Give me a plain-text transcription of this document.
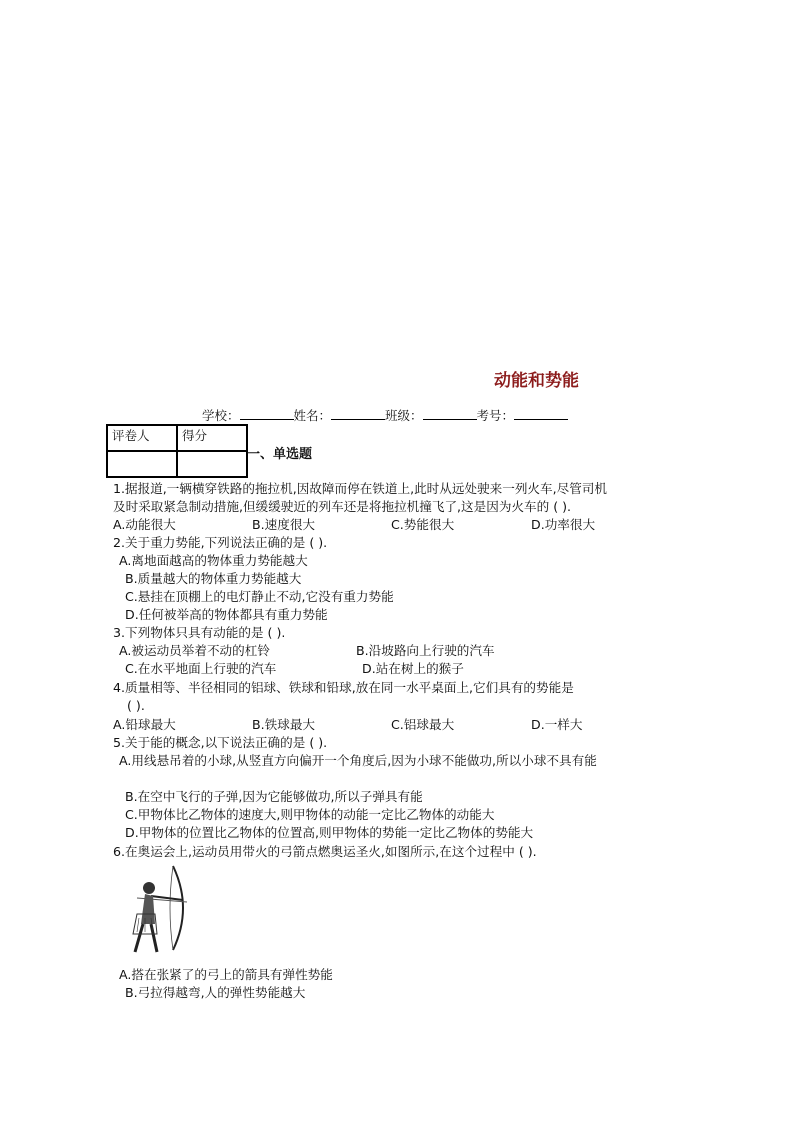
动能和势能
学校：	姓名：	班级：	考号：
评卷人	得分

一、单选题
1.据报道,一辆横穿铁路的拖拉机,因故障而停在铁道上,此时从远处驶来一列火车,尽管司机
及时采取紧急制动措施,但缓缓驶近的列车还是将拖拉机撞飞了,这是因为火车的 ( ).
A.动能很大	B.速度很大	C.势能很大	D.功率很大
2.关于重力势能,下列说法正确的是 ( ).
A.离地面越高的物体重力势能越大
B.质量越大的物体重力势能越大
C.悬挂在顶棚上的电灯静止不动,它没有重力势能
D.任何被举高的物体都具有重力势能
3.下列物体只具有动能的是 ( ).
A.被运动员举着不动的杠铃	B.沿坡路向上行驶的汽车
C.在水平地面上行驶的汽车	D.站在树上的猴子
4.质量相等、半径相同的铝球、铁球和铅球,放在同一水平桌面上,它们具有的势能是
( ).
A.铅球最大	B.铁球最大	C.铝球最大	D.一样大
5.关于能的概念,以下说法正确的是 ( ).
A.用线悬吊着的小球,从竖直方向偏开一个角度后,因为小球不能做功,所以小球不具有能
B.在空中飞行的子弹,因为它能够做功,所以子弹具有能
C.甲物体比乙物体的速度大,则甲物体的动能一定比乙物体的动能大
D.甲物体的位置比乙物体的位置高,则甲物体的势能一定比乙物体的势能大
6.在奥运会上,运动员用带火的弓箭点燃奥运圣火,如图所示,在这个过程中 ( ).
A.搭在张紧了的弓上的箭具有弹性势能
B.弓拉得越弯,人的弹性势能越大
